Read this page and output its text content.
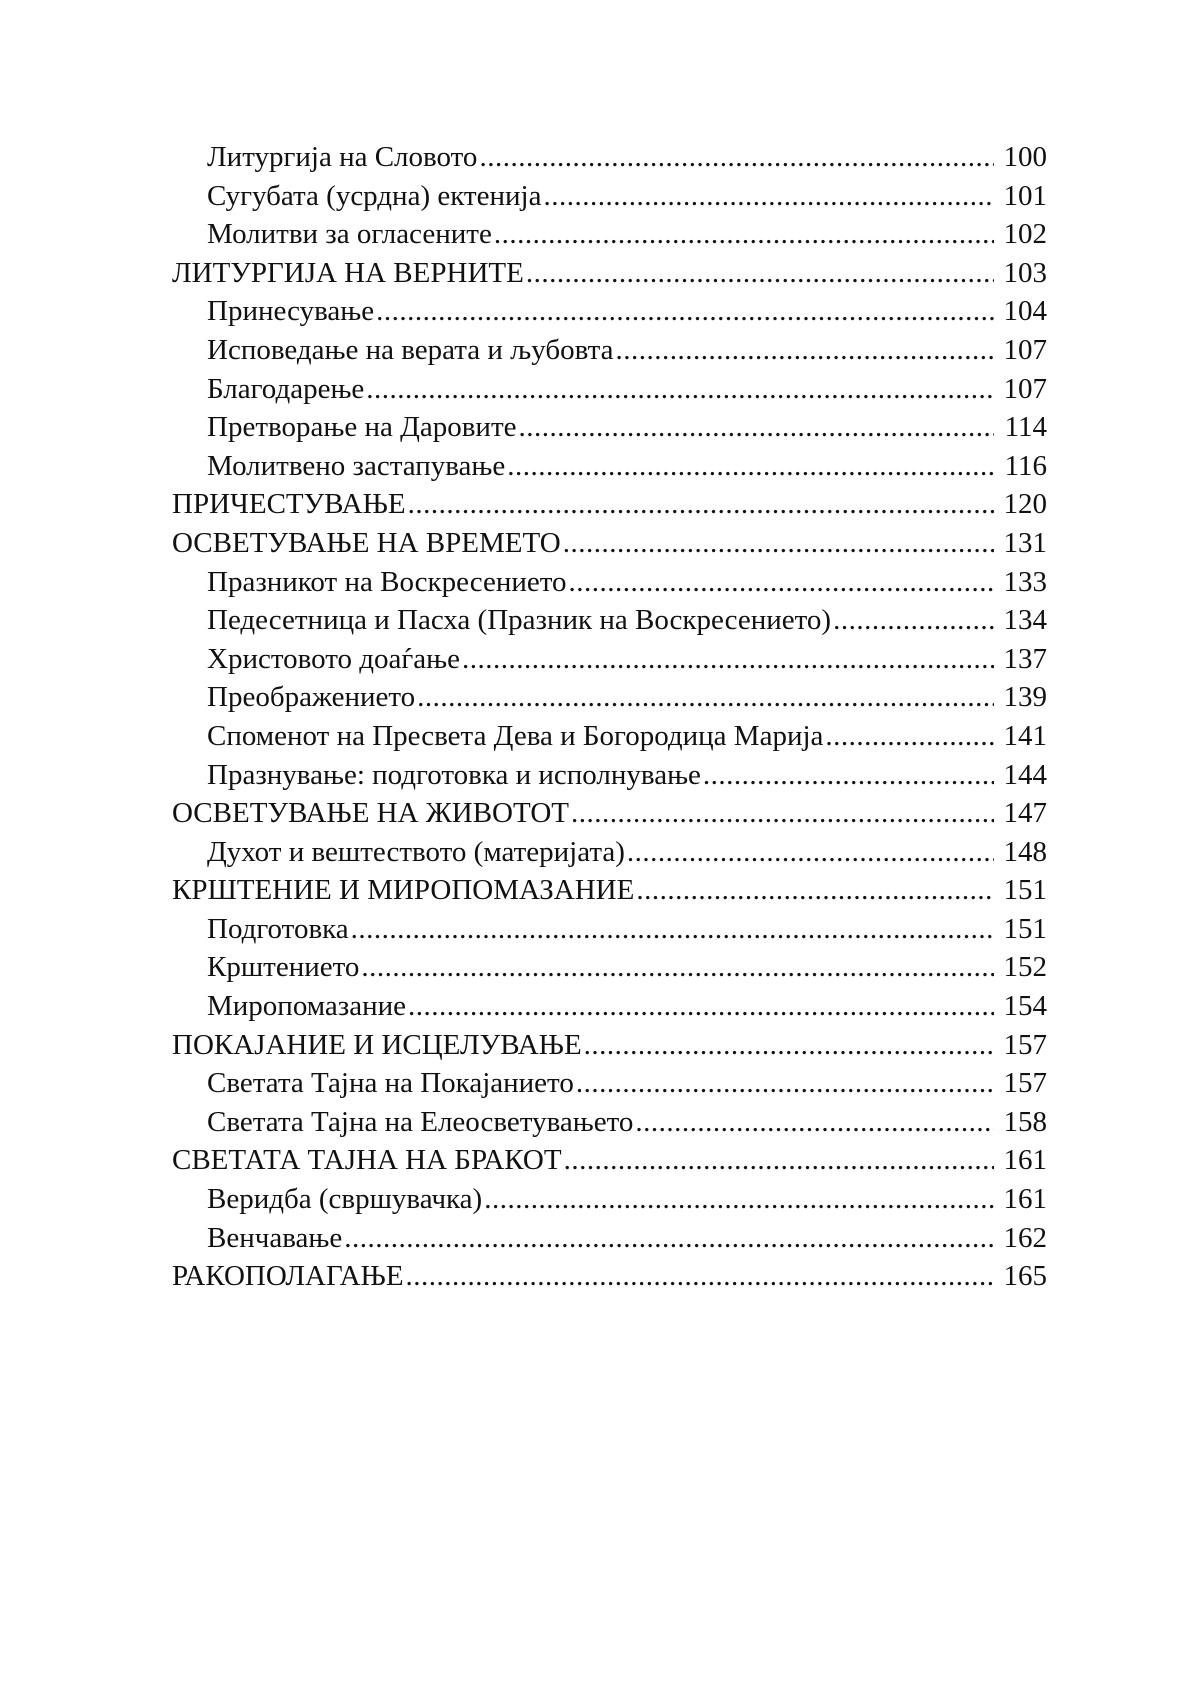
Литургија на Словото .....	100
Сугубата (усрдна) ектенија .....	101
Молитви за огласените .....	102
ЛИТУРГИЈА НА ВЕРНИТЕ .....	103
Принесување .....	104
Исповедање на верата и љубовта .....	107
Благодарење .....	107
Претворање на Даровите .....	114
Молитвено застапување .....	116
ПРИЧЕСТУВАЊЕ .....	120
ОСВЕТУВАЊЕ НА ВРЕМЕТО .....	131
Празникот на Воскресението .....	133
Педесетница и Пасха (Празник на Воскресението) .....	134
Христовото доаѓање .....	137
Преображението .....	139
Споменот на Пресвета Дева и Богородица Марија .....	141
Празнување: подготовка и исполнување .....	144
ОСВЕТУВАЊЕ НА ЖИВОТОТ .....	147
Духот и вештеството (материјата) .....	148
КРШТЕНИЕ И МИРОПОМАЗАНИЕ .....	151
Подготовка .....	151
Крштението .....	152
Миропомазание .....	154
ПОКАЈАНИЕ И ИСЦЕЛУВАЊЕ .....	157
Светата Тајна на Покајанието .....	157
Светата Тајна на Елеосветувањето .....	158
СВЕТАТА ТАЈНА НА БРАКОТ .....	161
Веридба (свршувачка) .....	161
Венчавање .....	162
РАКОПОЛАГАЊЕ .....	165
